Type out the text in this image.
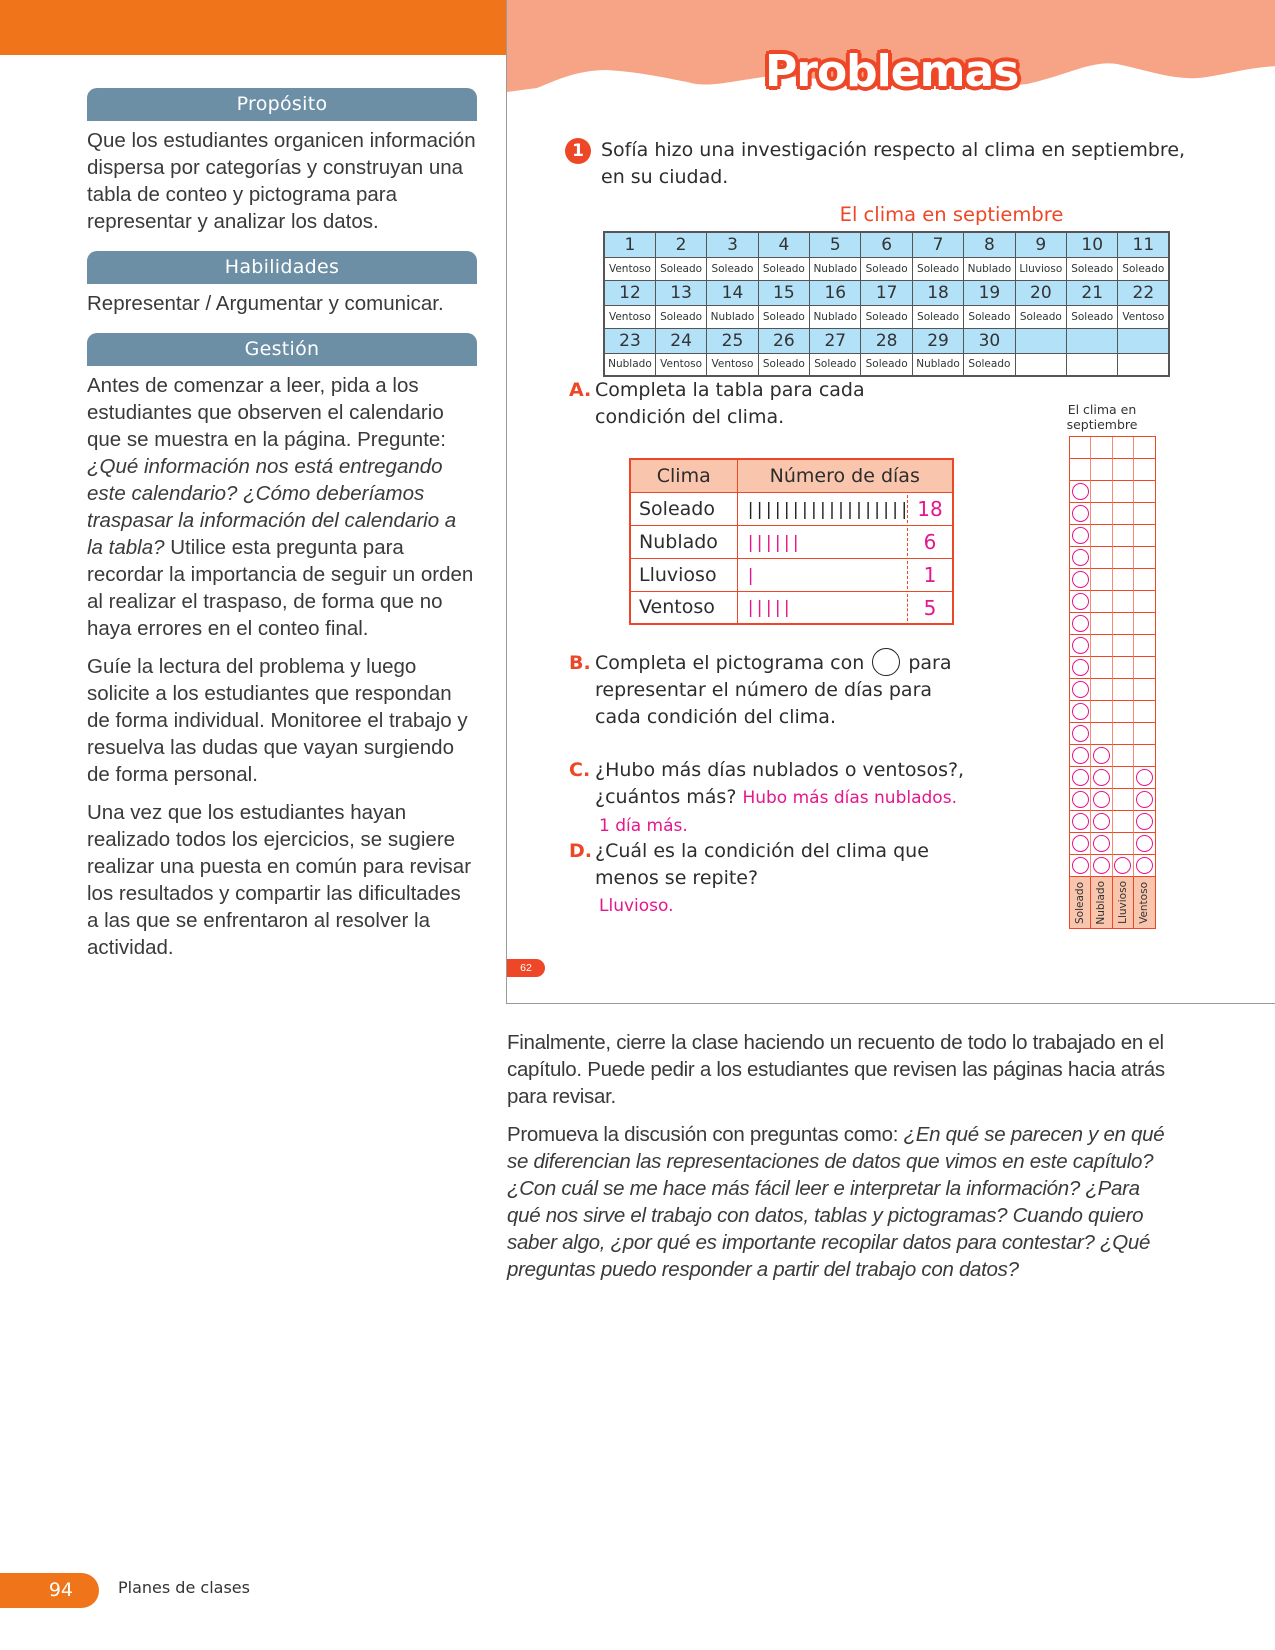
Propósito

Que los estudiantes organicen información dispersa por categorías y construyan una tabla de conteo y pictograma para representar y analizar los datos.

Habilidades

Representar / Argumentar y comunicar.

Gestión

Antes de comenzar a leer, pida a los estudiantes que observen el calendario que se muestra en la página. Pregunte: ¿Qué información nos está entregando este calendario? ¿Cómo deberíamos traspasar la información del calendario a la tabla? Utilice esta pregunta para recordar la importancia de seguir un orden al realizar el traspaso, de forma que no haya errores en el conteo final.

Guíe la lectura del problema y luego solicite a los estudiantes que respondan de forma individual. Monitoree el trabajo y resuelva las dudas que vayan surgiendo de forma personal.

Una vez que los estudiantes hayan realizado todos los ejercicios, se sugiere realizar una puesta en común para revisar los resultados y compartir las dificultades a las que se enfrentaron al resolver la actividad.

Problemas
1 Sofía hizo una investigación respecto al clima en septiembre, en su ciudad.
El clima en septiembre
1	2	3	4	5	6	7	8	9	10	11
Ventoso	Soleado	Soleado	Soleado	Nublado	Soleado	Soleado	Nublado	Lluvioso	Soleado	Soleado
12	13	14	15	16	17	18	19	20	21	22
Ventoso	Soleado	Nublado	Soleado	Nublado	Soleado	Soleado	Soleado	Soleado	Soleado	Ventoso
23	24	25	26	27	28	29	30			
Nublado	Ventoso	Ventoso	Soleado	Soleado	Soleado	Nublado	Soleado			
A. Completa la tabla para cada condición del clima.
Clima	Número de días
Soleado	|||||||||||||||||| 18

Nublado	|||||| 6

Lluvioso	| 1

Ventoso	||||| 5
B. Completa el pictograma con para representar el número de días para cada condición del clima.
C. ¿Hubo más días nublados o ventosos?, ¿cuántos más? Hubo más días nublados.
1 día más.
D. ¿Cuál es la condición del clima que menos se repite?
Lluvioso.
El clima en
septiembre
Soleado Nublado Lluvioso Ventoso
62

Finalmente, cierre la clase haciendo un recuento de todo lo trabajado en el capítulo. Puede pedir a los estudiantes que revisen las páginas hacia atrás para revisar.

Promueva la discusión con preguntas como: ¿En qué se parecen y en qué se diferencian las representaciones de datos que vimos en este capítulo? ¿Con cuál se me hace más fácil leer e interpretar la información? ¿Para qué nos sirve el trabajo con datos, tablas y pictogramas? Cuando quiero saber algo, ¿por qué es importante recopilar datos para contestar? ¿Qué preguntas puedo responder a partir del trabajo con datos?

94	Planes de clases
